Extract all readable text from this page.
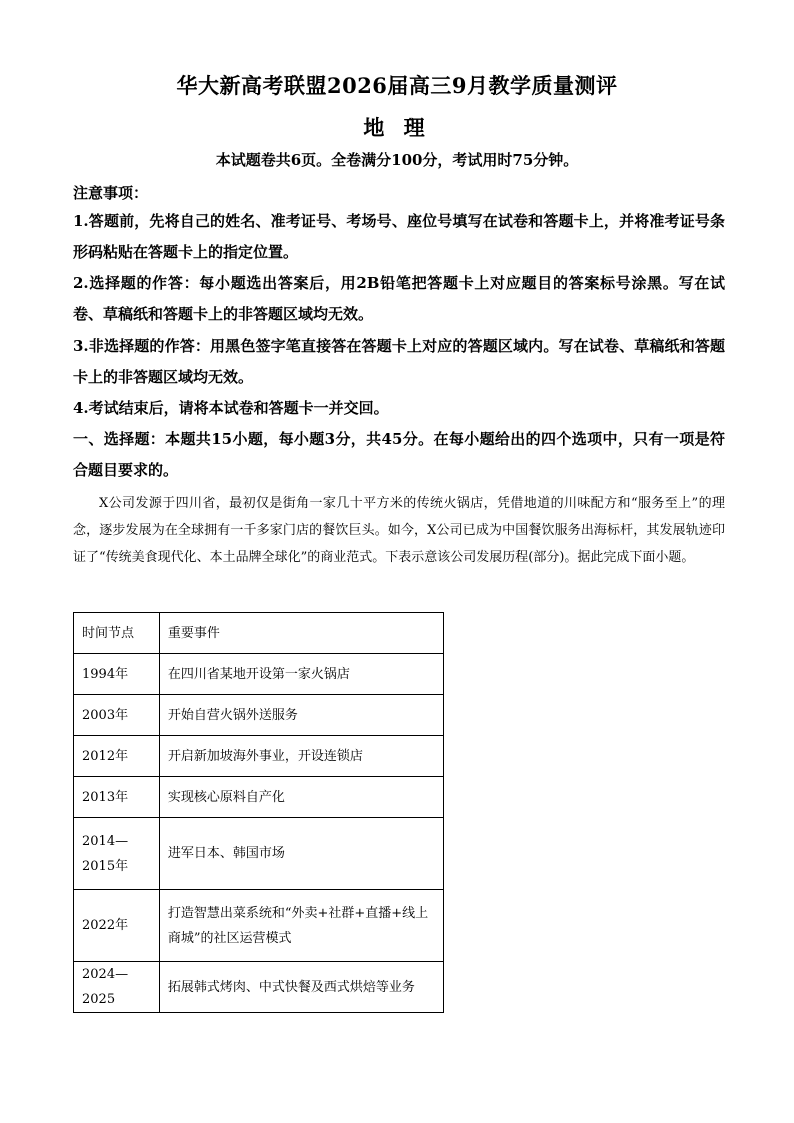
华大新高考联盟2026届高三9月教学质量测评
地 理
本试题卷共6页。全卷满分100分，考试用时75分钟。
注意事项：
1.答题前，先将自己的姓名、准考证号、考场号、座位号填写在试卷和答题卡上，并将准考证号条形码粘贴在答题卡上的指定位置。
2.选择题的作答：每小题选出答案后，用2B铅笔把答题卡上对应题目的答案标号涂黑。写在试卷、草稿纸和答题卡上的非答题区域均无效。
3.非选择题的作答：用黑色签字笔直接答在答题卡上对应的答题区域内。写在试卷、草稿纸和答题卡上的非答题区域均无效。
4.考试结束后，请将本试卷和答题卡一并交回。
一、选择题：本题共15小题，每小题3分，共45分。在每小题给出的四个选项中，只有一项是符合题目要求的。
X公司发源于四川省，最初仅是街角一家几十平方米的传统火锅店，凭借地道的川味配方和“服务至上”的理念，逐步发展为在全球拥有一千多家门店的餐饮巨头。如今，X公司已成为中国餐饮服务出海标杆，其发展轨迹印证了“传统美食现代化、本土品牌全球化”的商业范式。下表示意该公司发展历程(部分)。据此完成下面小题。
时间节点	重要事件
1994年	在四川省某地开设第一家火锅店
2003年	开始自营火锅外送服务
2012年	开启新加坡海外事业，开设连锁店
2013年	实现核心原料自产化
2014—2015年	进军日本、韩国市场
2022年	打造智慧出菜系统和“外卖+社群+直播+线上商城”的社区运营模式
2024—2025	拓展韩式烤肉、中式快餐及西式烘焙等业务
